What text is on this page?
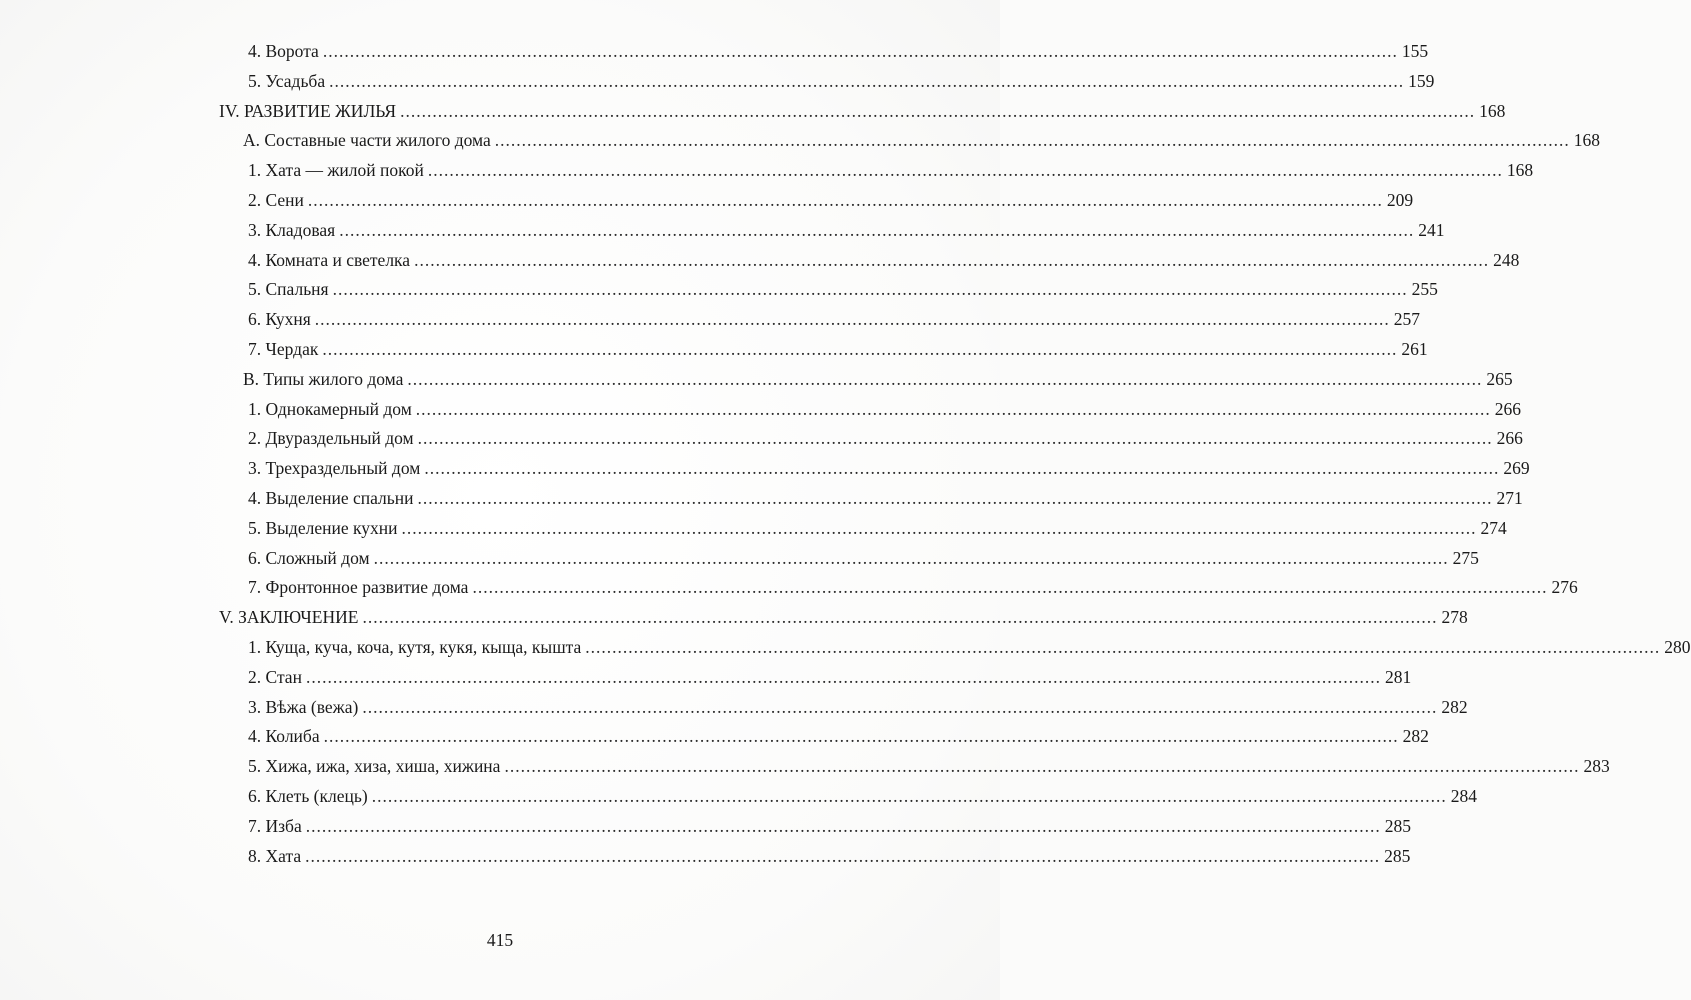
4. Ворота ........................................................................................................................................................................................................ 155
5. Усадьба ........................................................................................................................................................................................................ 159
IV. РАЗВИТИЕ ЖИЛЬЯ ........................................................................................................................................................................................................ 168
А. Составные части жилого дома ........................................................................................................................................................................................................ 168
1. Хата — жилой покой ........................................................................................................................................................................................................ 168
2. Сени ........................................................................................................................................................................................................ 209
3. Кладовая ........................................................................................................................................................................................................ 241
4. Комната и светелка ........................................................................................................................................................................................................ 248
5. Спальня ........................................................................................................................................................................................................ 255
6. Кухня ........................................................................................................................................................................................................ 257
7. Чердак ........................................................................................................................................................................................................ 261
В. Типы жилого дома ........................................................................................................................................................................................................ 265
1. Однокамерный дом ........................................................................................................................................................................................................ 266
2. Двураздельный дом ........................................................................................................................................................................................................ 266
3. Трехраздельный дом ........................................................................................................................................................................................................ 269
4. Выделение спальни ........................................................................................................................................................................................................ 271
5. Выделение кухни ........................................................................................................................................................................................................ 274
6. Сложный дом ........................................................................................................................................................................................................ 275
7. Фронтонное развитие дома ........................................................................................................................................................................................................ 276
V. ЗАКЛЮЧЕНИЕ ........................................................................................................................................................................................................ 278
1. Куща, куча, коча, кутя, кукя, кыща, кышта ........................................................................................................................................................................................................ 280
2. Стан ........................................................................................................................................................................................................ 281
3. Вѣжа (вежа) ........................................................................................................................................................................................................ 282
4. Колиба ........................................................................................................................................................................................................ 282
5. Хижа, ижа, хиза, хиша, хижина ........................................................................................................................................................................................................ 283
6. Клеть (клець) ........................................................................................................................................................................................................ 284
7. Изба ........................................................................................................................................................................................................ 285
8. Хата ........................................................................................................................................................................................................ 285
415
